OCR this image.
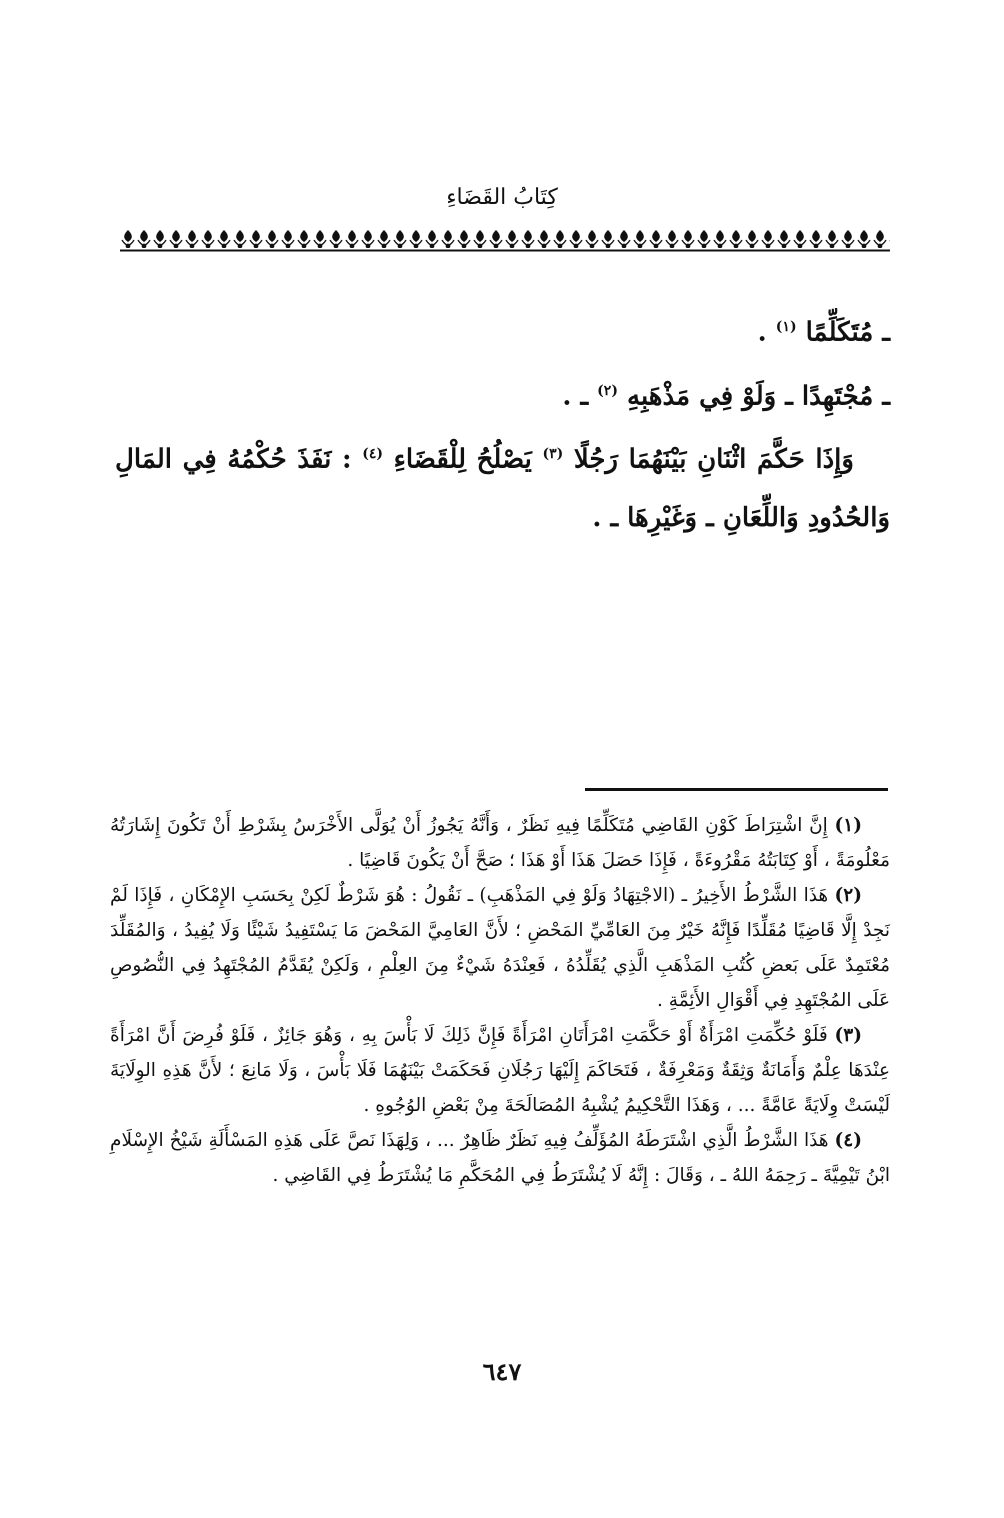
كِتَابُ القَضَاءِ

ـ مُتَكَلِّمًا $^{(١)}$ .

ـ مُجْتَهِدًا ـ وَلَوْ فِي مَذْهَبِهِ $^{(٢)}$ ـ .

وَإِذَا حَكَّمَ اثْنَانِ بَيْنَهُمَا رَجُلًا $^{(٣)}$ يَصْلُحُ لِلْقَضَاءِ $^{(٤)}$ : نَفَذَ حُكْمُهُ فِي المَالِ وَالحُدُودِ وَاللِّعَانِ ـ وَغَيْرِهَا ـ .

(١) إِنَّ اشْتِرَاطَ كَوْنِ القَاضِي مُتَكَلِّمًا فِيهِ نَظَرٌ ، وَأَنَّهُ يَجُوزُ أَنْ يُوَلَّى الأَخْرَسُ بِشَرْطِ أَنْ تَكُونَ إِشَارَتُهُ مَعْلُومَةً ، أَوْ كِتَابَتُهُ مَقْرُوءَةً ، فَإِذَا حَصَلَ هَذَا أَوْ هَذَا ؛ صَحَّ أَنْ يَكُونَ قَاضِيًا .

(٢) هَذَا الشَّرْطُ الأَخِيرُ ـ (الاجْتِهَادُ وَلَوْ فِي المَذْهَبِ) ـ نَقُولُ : هُوَ شَرْطٌ لَكِنْ بِحَسَبِ الإِمْكَانِ ، فَإِذَا لَمْ نَجِدْ إِلَّا قَاضِيًا مُقَلِّدًا فَإِنَّهُ خَيْرٌ مِنَ العَامِّيِّ المَحْضِ ؛ لأَنَّ العَامِيَّ المَحْضَ مَا يَسْتَفِيدُ شَيْئًا وَلَا يُفِيدُ ، وَالمُقَلِّدَ مُعْتَمِدٌ عَلَى بَعضِ كُتُبِ المَذْهَبِ الَّذِي يُقَلِّدُهُ ، فَعِنْدَهُ شَيْءٌ مِنَ العِلْمِ ، وَلَكِنْ يُقَدَّمُ المُجْتَهِدُ فِي النُّصُوصِ عَلَى المُجْتَهِدِ فِي أَقْوَالِ الأَئِمَّةِ .

(٣) فَلَوْ حُكِّمَتِ امْرَأَةٌ أَوْ حَكَّمَتِ امْرَأَتَانِ امْرَأَةً فَإِنَّ ذَلِكَ لَا بَأْسَ بِهِ ، وَهُوَ جَائِزٌ ، فَلَوْ فُرِضَ أَنَّ امْرَأَةً عِنْدَهَا عِلْمٌ وَأَمَانَةٌ وَثِقَةٌ وَمَعْرِفَةٌ ، فَتَحَاكَمَ إِلَيْهَا رَجُلَانِ فَحَكَمَتْ بَيْنَهُمَا فَلَا بَأْسَ ، وَلَا مَانِعَ ؛ لأَنَّ هَذِهِ الوِلَايَةَ لَيْسَتْ وِلَايَةً عَامَّةً ... ، وَهَذَا التَّحْكِيمُ يُشْبِهُ المُصَالَحَةَ مِنْ بَعْضِ الوُجُوهِ .

(٤) هَذَا الشَّرْطُ الَّذِي اشْتَرَطَهُ المُؤَلِّفُ فِيهِ نَظَرٌ ظَاهِرٌ ... ، وَلِهَذَا نَصَّ عَلَى هَذِهِ المَسْأَلَةِ شَيْخُ الإِسْلَامِ ابْنُ تَيْمِيَّةَ ـ رَحِمَهُ اللهُ ـ ، وَقَالَ : إِنَّهُ لَا يُشْتَرَطُ فِي المُحَكَّمِ مَا يُشْتَرَطُ فِي القَاضِي .

٦٤٧
